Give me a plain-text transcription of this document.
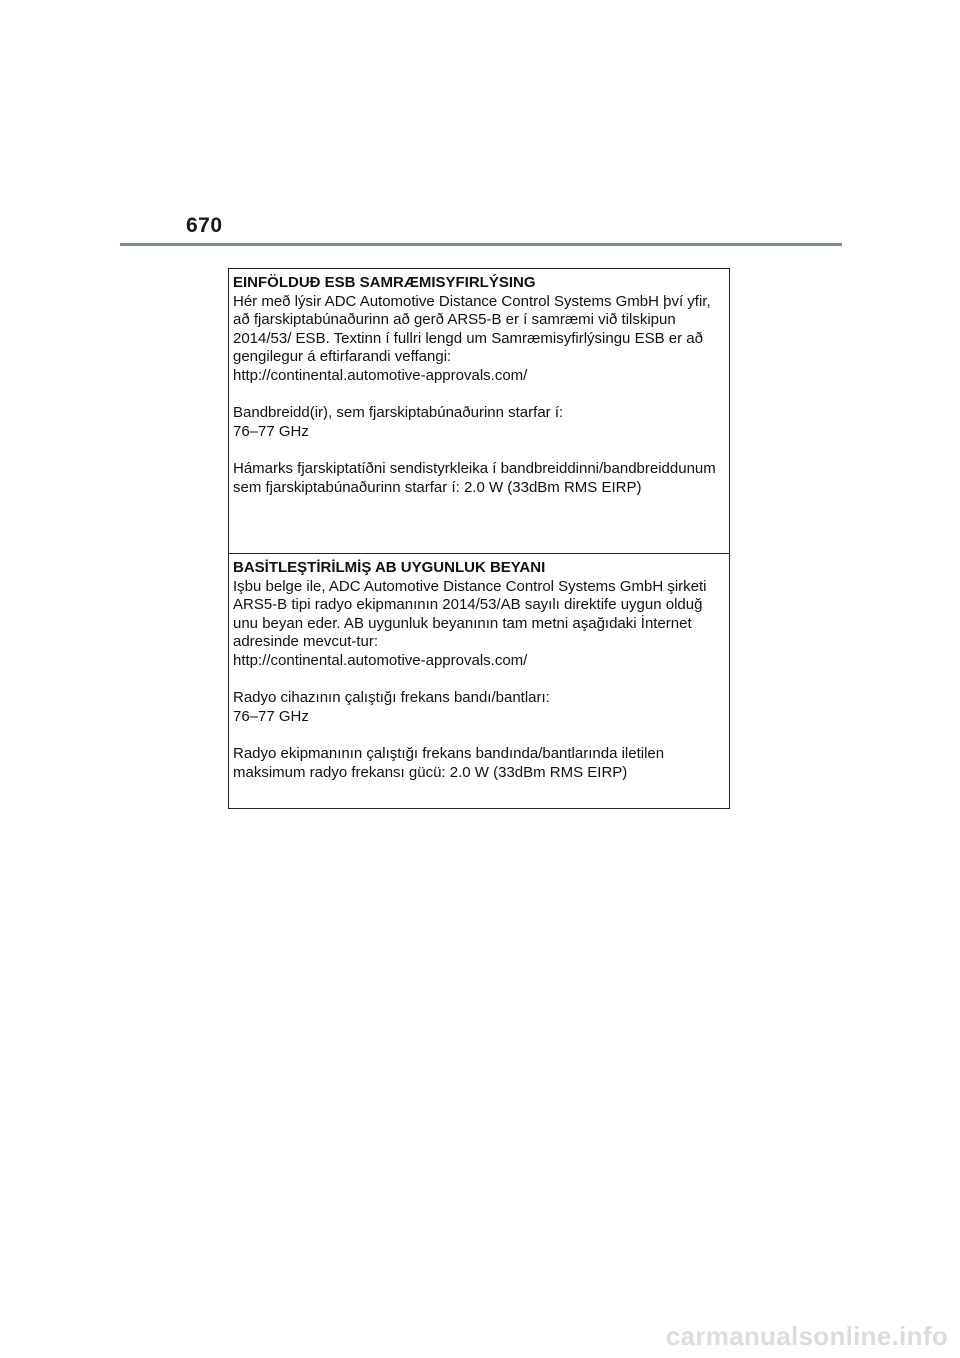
670

EINFÖLDUÐ ESB SAMRÆMISYFIRLÝSING

Hér með lýsir ADC Automotive Distance Control Systems GmbH því yfir, að fjarskiptabúnaðurinn að gerð ARS5-B er í samræmi við tilskipun 2014/53/ ESB. Textinn í fullri lengd um Samræmisyfirlýsingu ESB er að gengilegur á eftirfarandi veffangi:

http://continental.automotive-approvals.com/

Bandbreidd(ir), sem fjarskiptabúnaðurinn starfar í:

76–77 GHz

Hámarks fjarskiptatíðni sendistyrkleika í bandbreiddinni/bandbreiddunum sem fjarskiptabúnaðurinn starfar í: 2.0 W (33dBm RMS EIRP)

BASİTLEŞTİRİLMİŞ AB UYGUNLUK BEYANI

Işbu belge ile, ADC Automotive Distance Control Systems GmbH şirketi ARS5-B tipi radyo ekipmanının 2014/53/AB sayılı direktife uygun olduğ unu beyan eder. AB uygunluk beyanının tam metni aşağıdaki İnternet adresinde mevcut-tur:

http://continental.automotive-approvals.com/

Radyo cihazının çalıştığı frekans bandı/bantları:

76–77 GHz

Radyo ekipmanının çalıştığı frekans bandında/bantlarında iletilen maksimum radyo frekansı gücü: 2.0 W (33dBm RMS EIRP)

carmanualsonline.info
